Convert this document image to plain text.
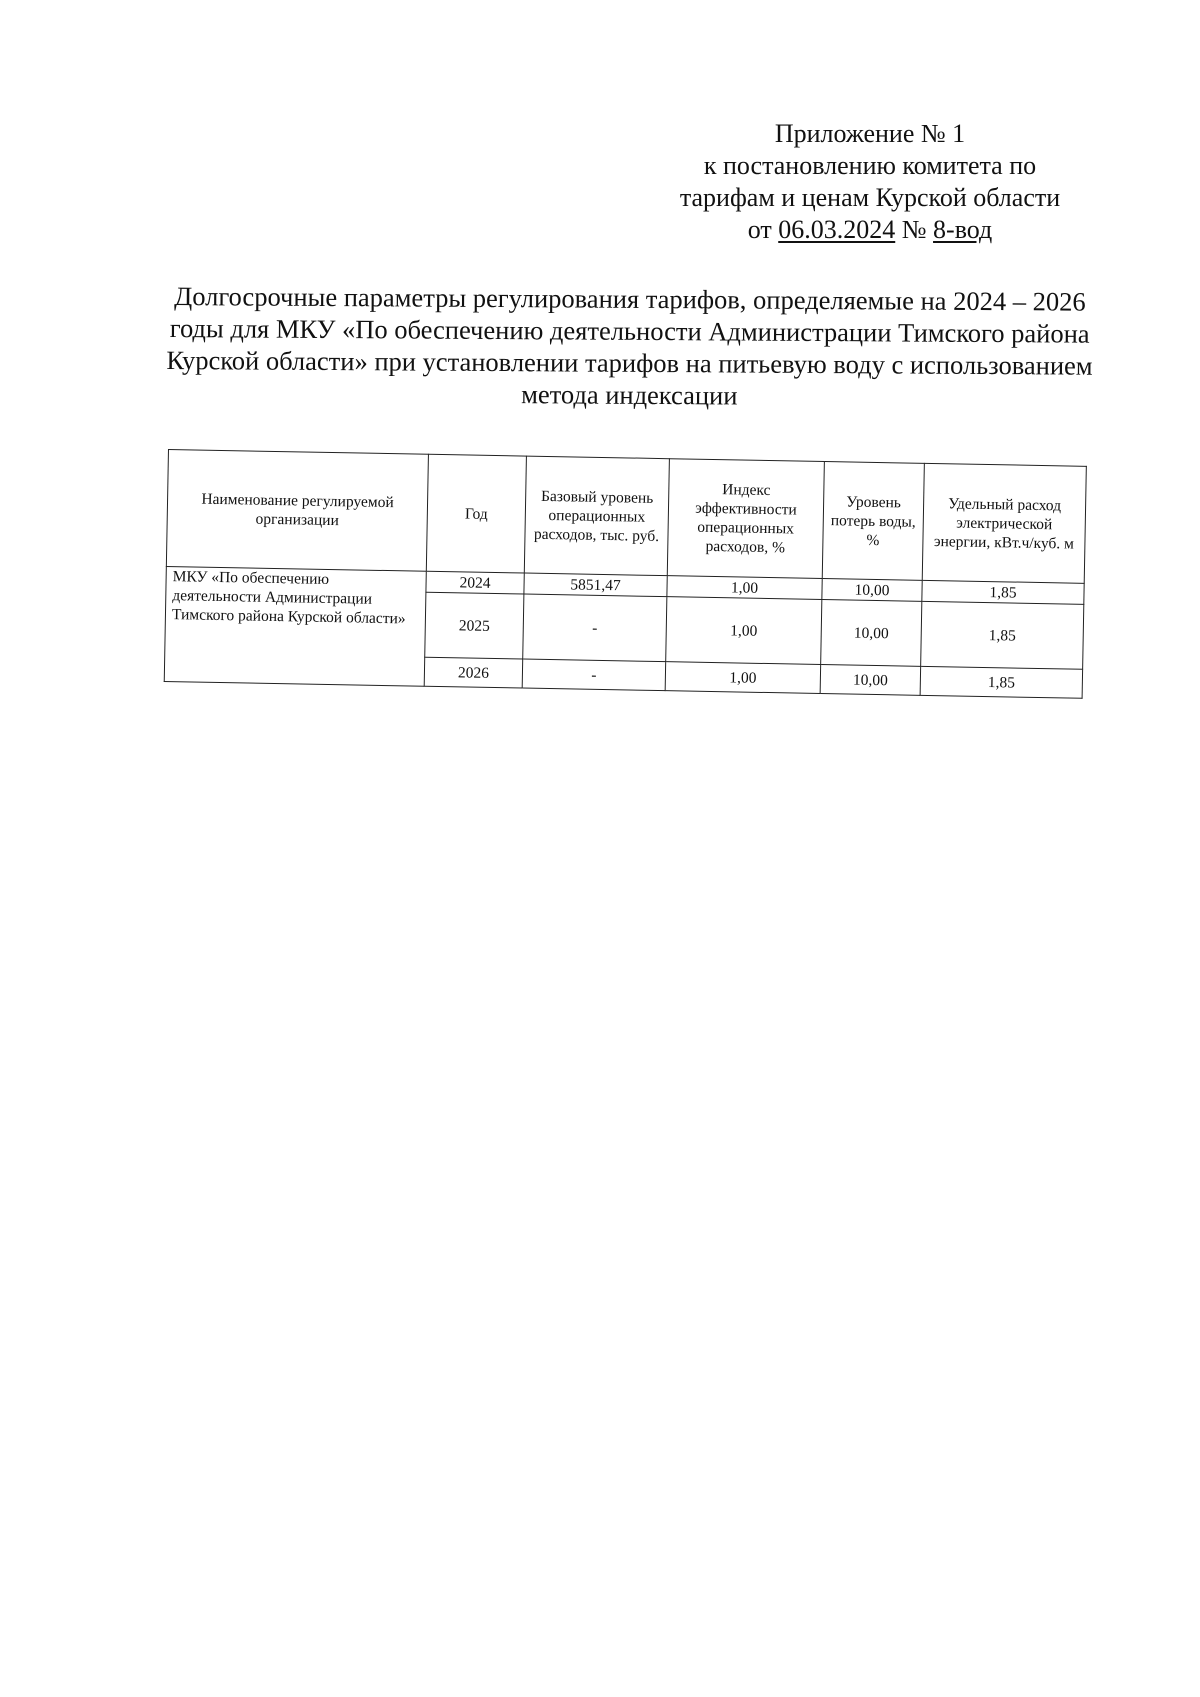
Приложение № 1
к постановлению комитета по
тарифам и ценам Курской области
от 06.03.2024 № 8-вод
Долгосрочные параметры регулирования тарифов, определяемые на 2024 – 2026 годы для МКУ «По обеспечению деятельности Администрации Тимского района Курской области» при установлении тарифов на питьевую воду с использованием метода индексации
Наименование регулируемой организации	Год	Базовый уровень операционных расходов, тыс. руб.	Индекс эффективности операционных расходов, %	Уровень потерь воды, %	Удельный расход электрической энергии, кВт.ч/куб. м
МКУ «По обеспечению деятельности Администрации Тимского района Курской области»	2024	5851,47	1,00	10,00	1,85
	2025	-	1,00	10,00	1,85
	2026	-	1,00	10,00	1,85
